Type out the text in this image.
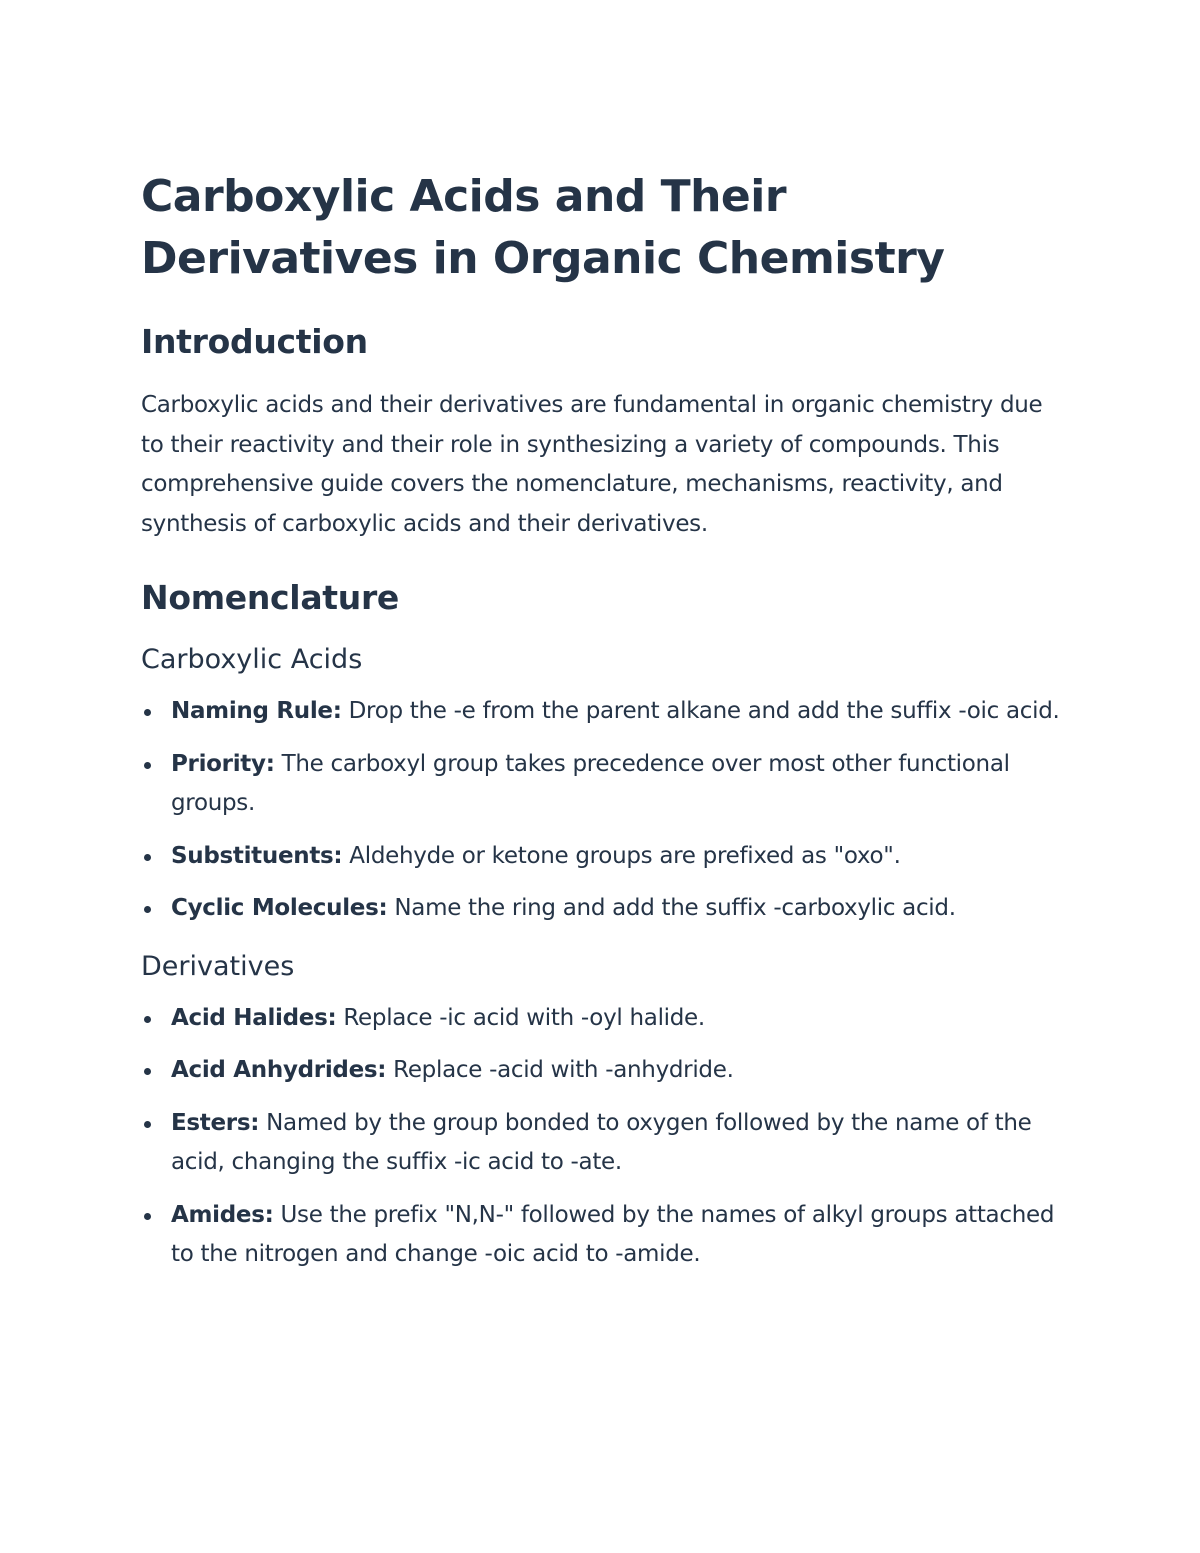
Carboxylic Acids and Their Derivatives in Organic Chemistry
Introduction

Carboxylic acids and their derivatives are fundamental in organic chemistry due to their reactivity and their role in synthesizing a variety of compounds. This comprehensive guide covers the nomenclature, mechanisms, reactivity, and synthesis of carboxylic acids and their derivatives.

Nomenclature
Carboxylic Acids
Naming Rule: Drop the -e from the parent alkane and add the suffix -oic acid.
Priority: The carboxyl group takes precedence over most other functional groups.
Substituents: Aldehyde or ketone groups are prefixed as "oxo".
Cyclic Molecules: Name the ring and add the suffix -carboxylic acid.
Derivatives
Acid Halides: Replace -ic acid with -oyl halide.
Acid Anhydrides: Replace -acid with -anhydride.
Esters: Named by the group bonded to oxygen followed by the name of the acid, changing the suffix -ic acid to -ate.
Amides: Use the prefix "N,N-" followed by the names of alkyl groups attached to the nitrogen and change -oic acid to -amide.
